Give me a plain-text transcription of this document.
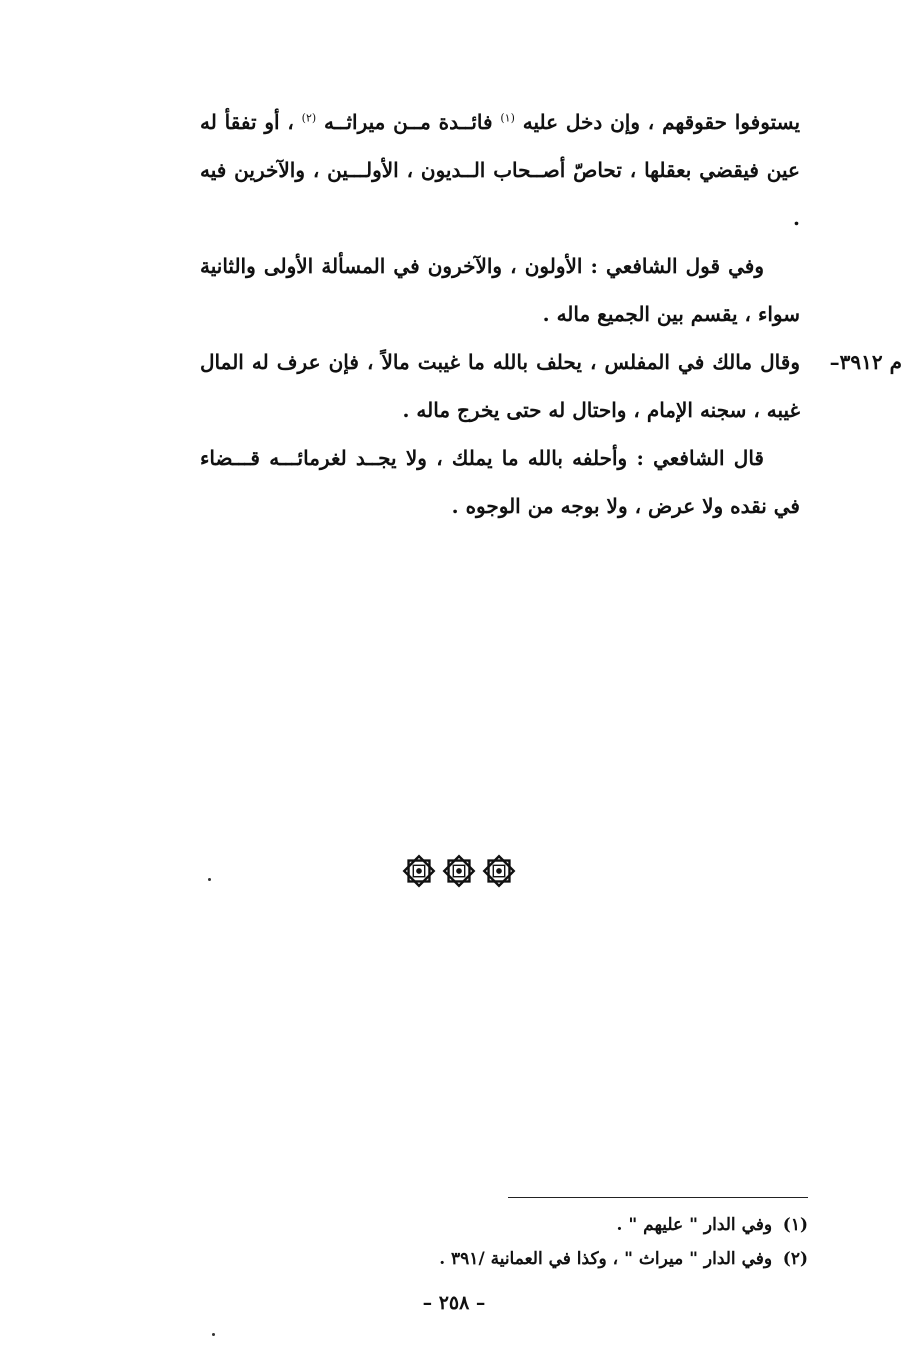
يستوفوا حقوقهم ، وإن دخل عليه $^{(١)}$ فائــدة مــن ميراثــه $^{(٢)}$ ، أو تفقأ له عين فيقضي بعقلها ، تحاصّ أصــحاب الــديون ، الأولـــين ، والآخرين فيه .

وفي قول الشافعي : الأولون ، والآخرون في المسألة الأولى والثانية سواء ، يقسم بين الجميع ماله .

م ٣٩١٢–
وقال مالك في المفلس ، يحلف بالله ما غيبت مالاً ، فإن عرف له المال غيبه ، سجنه الإمام ، واحتال له حتى يخرج ماله .

قال الشافعي : وأحلفه بالله ما يملك ، ولا يجــد لغرمائـــه قـــضاء في نقده ولا عرض ، ولا بوجه من الوجوه .

(١) وفي الدار " عليهم " .

(٢) وفي الدار " ميراث " ، وكذا في العمانية /٣٩١ .

– ٢٥٨ –
